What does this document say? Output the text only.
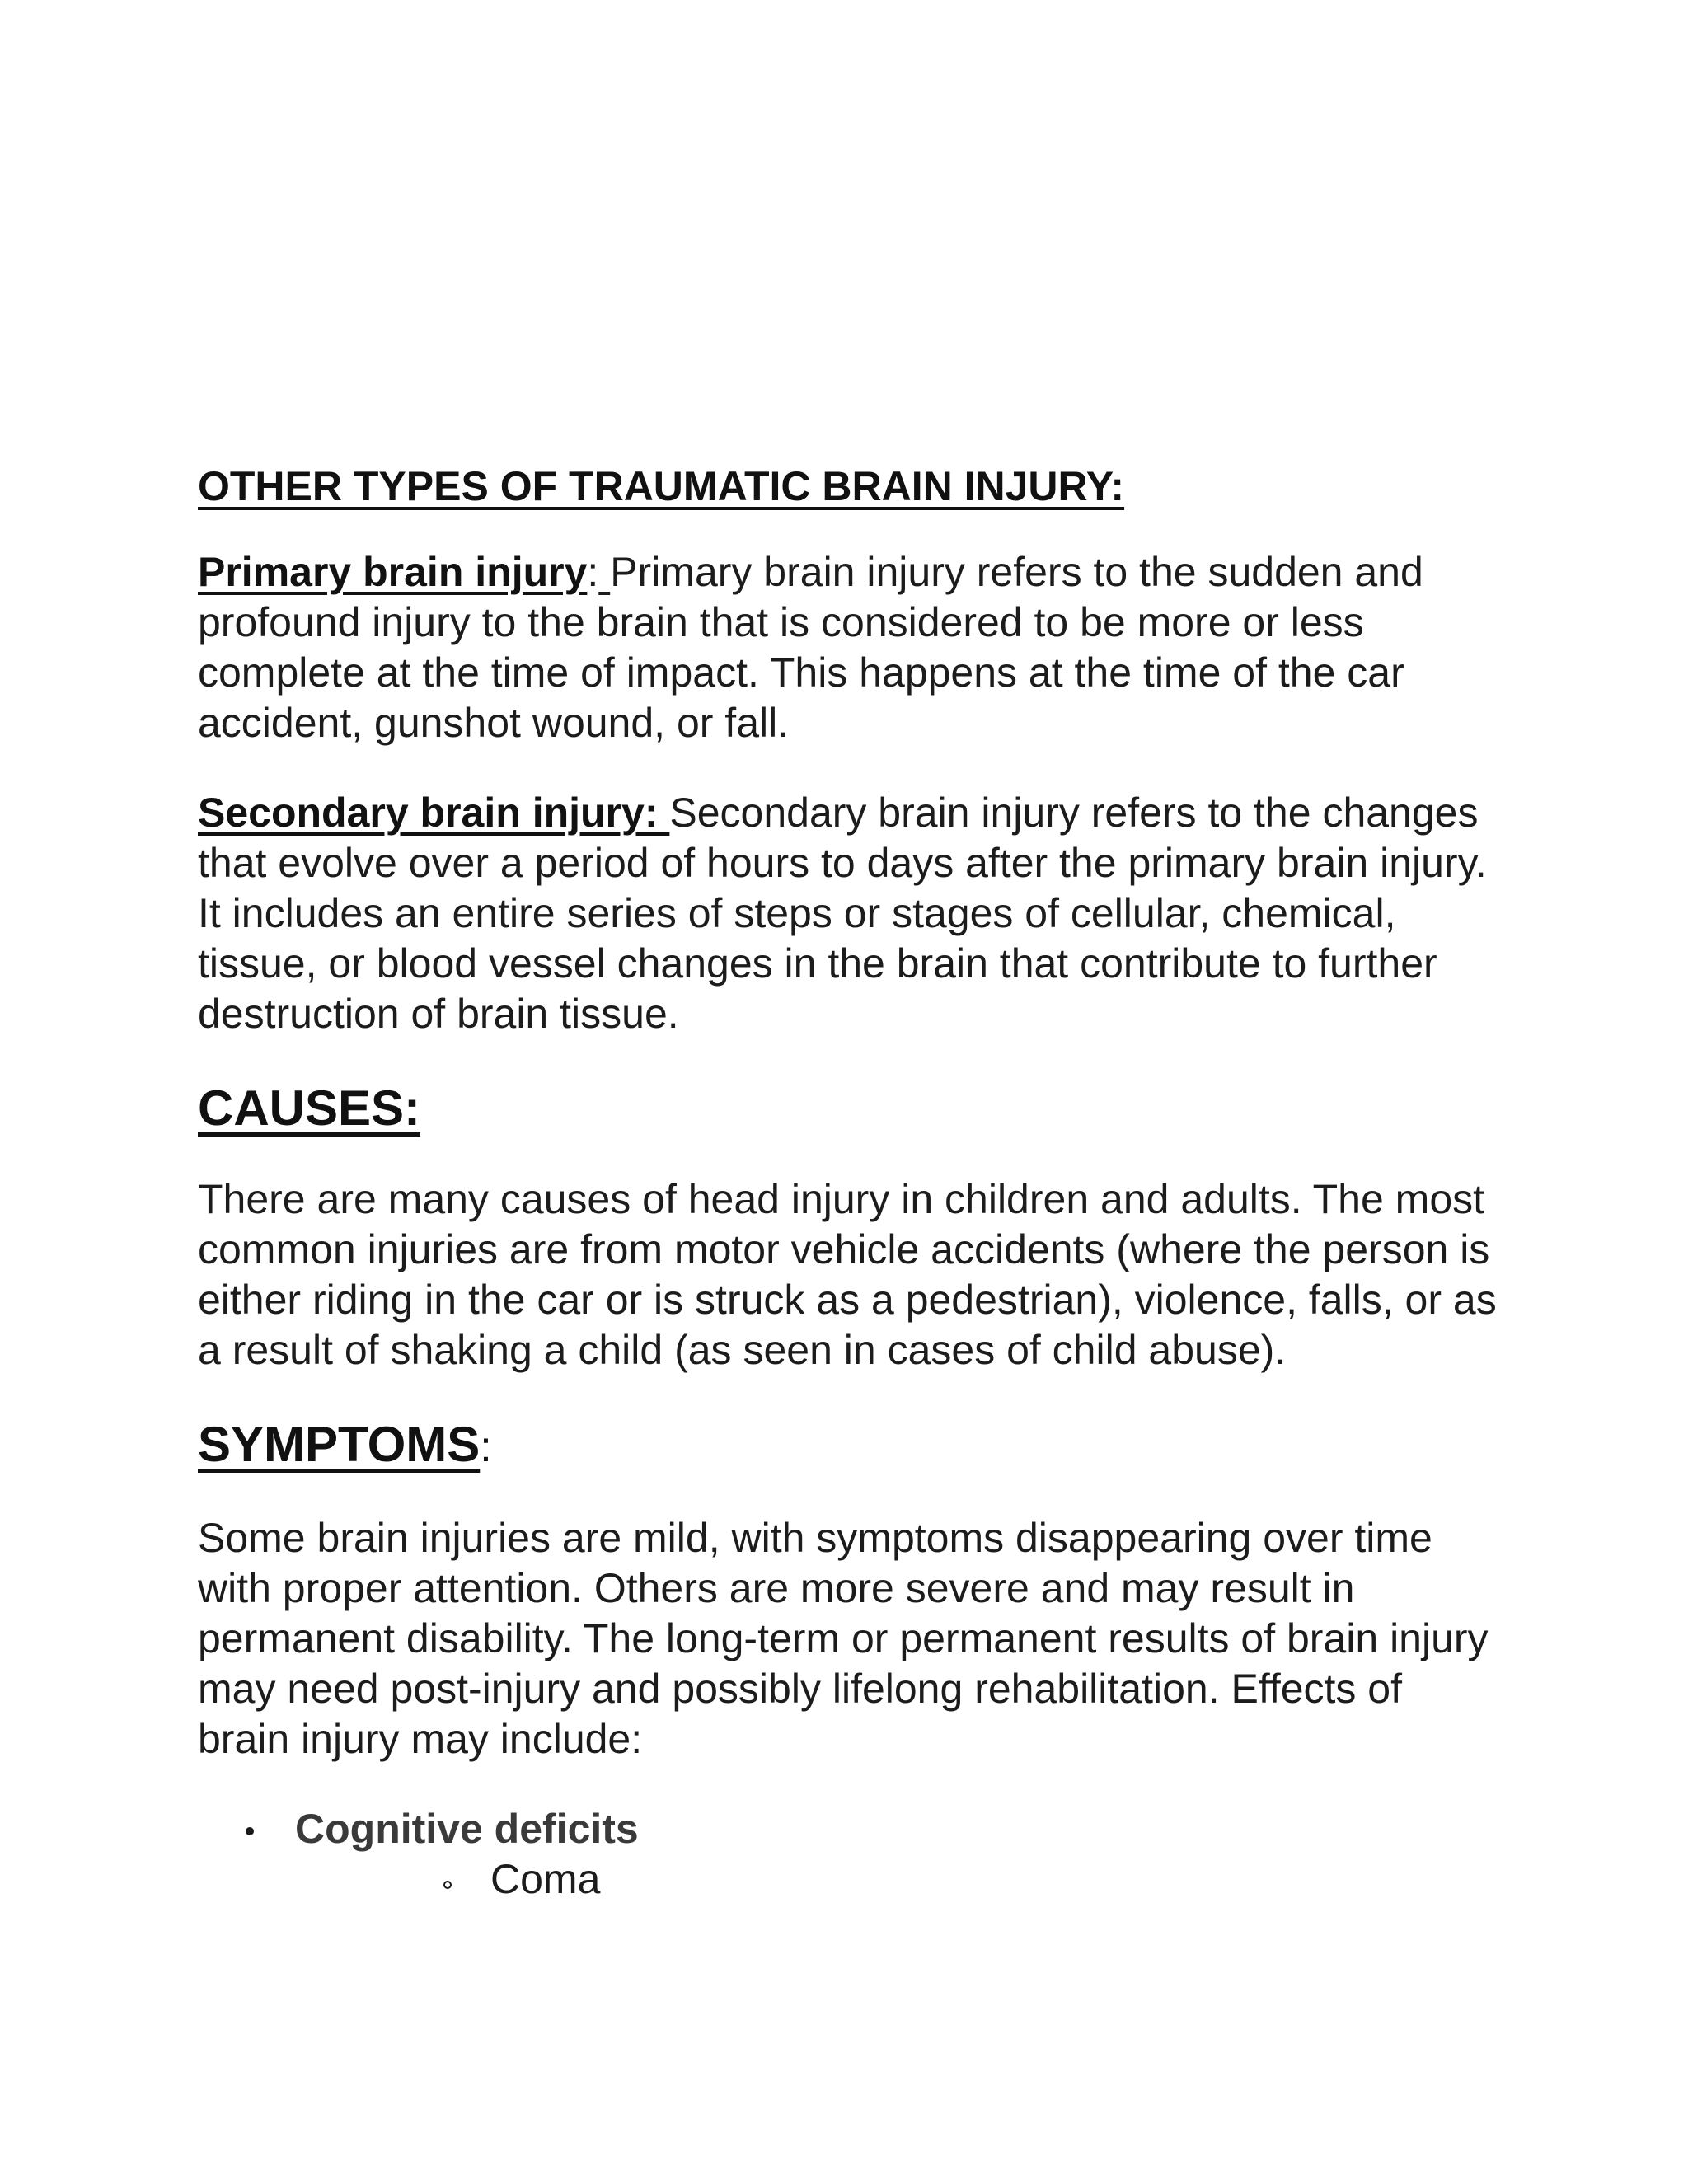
OTHER TYPES OF TRAUMATIC BRAIN INJURY:

Primary brain injury: Primary brain injury refers to the sudden and profound injury to the brain that is considered to be more or less complete at the time of impact. This happens at the time of the car accident, gunshot wound, or fall.

Secondary brain injury: Secondary brain injury refers to the changes that evolve over a period of hours to days after the primary brain injury. It includes an entire series of steps or stages of cellular, chemical, tissue, or blood vessel changes in the brain that contribute to further destruction of brain tissue.

CAUSES:

There are many causes of head injury in children and adults. The most common injuries are from motor vehicle accidents (where the person is either riding in the car or is struck as a pedestrian), violence, falls, or as a result of shaking a child (as seen in cases of child abuse).

SYMPTOMS:

Some brain injuries are mild, with symptoms disappearing over time with proper attention. Others are more severe and may result in permanent disability. The long-term or permanent results of brain injury may need post-injury and possibly lifelong rehabilitation. Effects of brain injury may include:

Cognitive deficits
Coma
